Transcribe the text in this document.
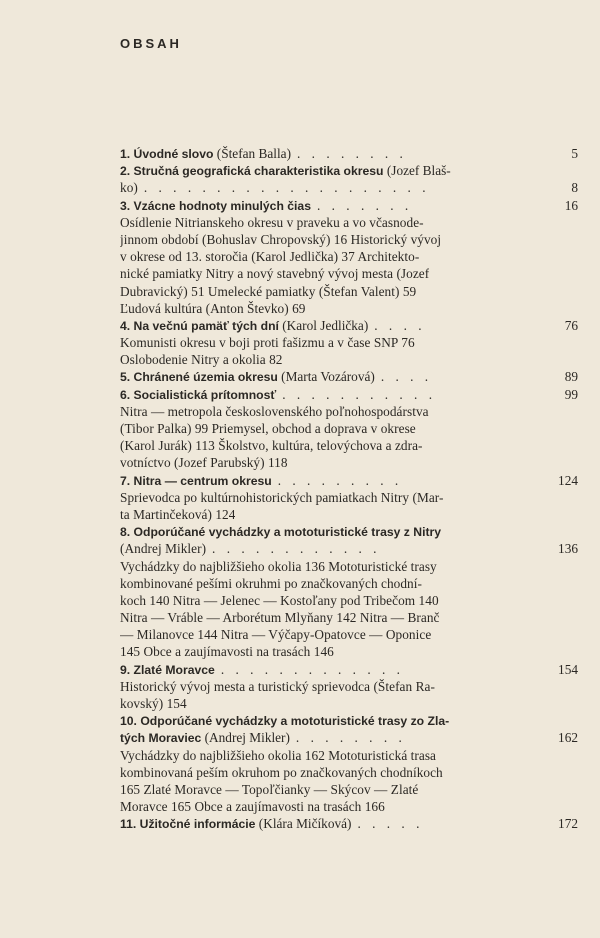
OBSAH
1. Úvodné slovo (Štefan Balla) . . . . . . . .	5
2. Stručná geografická charakteristika okresu (Jozef Blaš-
ko) . . . . . . . . . . . . . . . . . . . .	8
3. Vzácne hodnoty minulých čias . . . . . . .	16
Osídlenie Nitrianskeho okresu v praveku a vo včasnode-
jinnom období (Bohuslav Chropovský) 16 Historický vývoj
v okrese od 13. storočia (Karol Jedlička) 37 Architekto-
nické pamiatky Nitry a nový stavebný vývoj mesta (Jozef
Dubravický) 51 Umelecké pamiatky (Štefan Valent) 59
Ľudová kultúra (Anton Števko) 69
4. Na večnú pamäť tých dní (Karol Jedlička) . . . .	76
Komunisti okresu v boji proti fašizmu a v čase SNP 76
Oslobodenie Nitry a okolia 82
5. Chránené územia okresu (Marta Vozárová) . . . .	89
6. Socialistická prítomnosť . . . . . . . . . . .	99
Nitra — metropola československého poľnohospodárstva
(Tibor Palka) 99 Priemysel, obchod a doprava v okrese
(Karol Jurák) 113 Školstvo, kultúra, telovýchova a zdra-
votníctvo (Jozef Parubský) 118
7. Nitra — centrum okresu . . . . . . . . .	124
Sprievodca po kultúrnohistorických pamiatkach Nitry (Mar-
ta Martinčeková) 124
8. Odporúčané vychádzky a mototuristické trasy z Nitry
(Andrej Mikler) . . . . . . . . . . . .	136
Vychádzky do najbližšieho okolia 136 Mototuristické trasy
kombinované pešími okruhmi po značkovaných chodní-
koch 140 Nitra — Jelenec — Kostoľany pod Tribečom 140
Nitra — Vráble — Arborétum Mlyňany 142 Nitra — Branč
— Milanovce 144 Nitra — Výčapy-Opatovce — Oponice
145 Obce a zaujímavosti na trasách 146
9. Zlaté Moravce . . . . . . . . . . . . .	154
Historický vývoj mesta a turistický sprievodca (Štefan Ra-
kovský) 154
10. Odporúčané vychádzky a mototuristické trasy zo Zla-
tých Moraviec (Andrej Mikler) . . . . . . . .	162
Vychádzky do najbližšieho okolia 162 Mototuristická trasa
kombinovaná peším okruhom po značkovaných chodníkoch
165 Zlaté Moravce — Topoľčianky — Skýcov — Zlaté
Moravce 165 Obce a zaujímavosti na trasách 166
11. Užitočné informácie (Klára Mičíková) . . . . .	172
